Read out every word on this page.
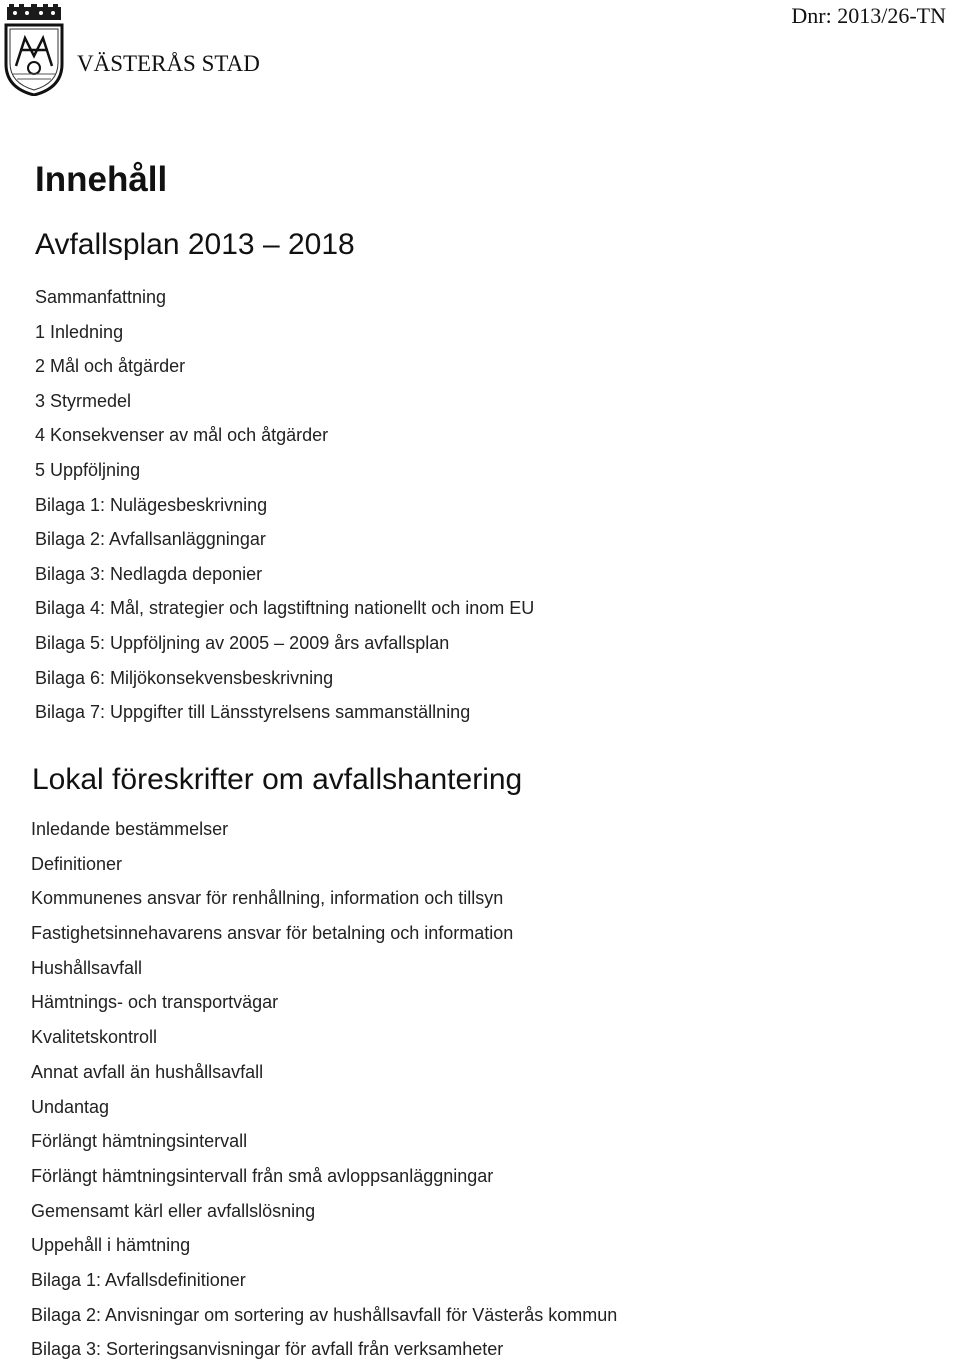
VÄSTERÅS STAD
Dnr: 2013/26-TN
Innehåll
Avfallsplan 2013 – 2018
Sammanfattning
1 Inledning
2 Mål och åtgärder
3 Styrmedel
4 Konsekvenser av mål och åtgärder
5 Uppföljning
Bilaga 1: Nulägesbeskrivning
Bilaga 2: Avfallsanläggningar
Bilaga 3: Nedlagda deponier
Bilaga 4: Mål, strategier och lagstiftning nationellt och inom EU
Bilaga 5: Uppföljning av 2005 – 2009 års avfallsplan
Bilaga 6: Miljökonsekvensbeskrivning
Bilaga 7: Uppgifter till Länsstyrelsens sammanställning
Lokal föreskrifter om avfallshantering
Inledande bestämmelser
Definitioner
Kommunenes ansvar för renhållning, information och tillsyn
Fastighetsinnehavarens ansvar för betalning och information
Hushållsavfall
Hämtnings- och transportvägar
Kvalitetskontroll
Annat avfall än hushållsavfall
Undantag
Förlängt hämtningsintervall
Förlängt hämtningsintervall från små avloppsanläggningar
Gemensamt kärl eller avfallslösning
Uppehåll i hämtning
Bilaga 1: Avfallsdefinitioner
Bilaga 2: Anvisningar om sortering av hushållsavfall för Västerås kommun
Bilaga 3: Sorteringsanvisningar för avfall från verksamheter
